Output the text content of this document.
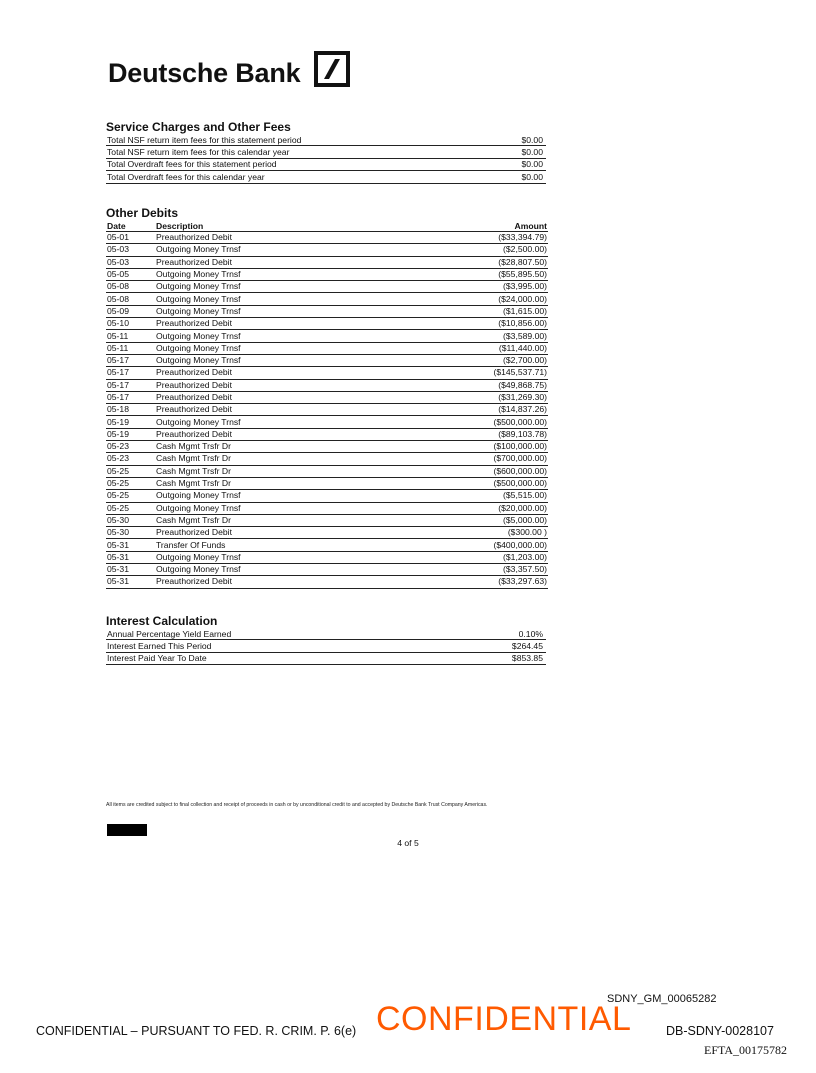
Deutsche Bank
Service Charges and Other Fees
Total NSF return item fees for this statement period	$0.00
Total NSF return item fees for this calendar year	$0.00
Total Overdraft fees for this statement period	$0.00
Total Overdraft fees for this calendar year	$0.00
Other Debits
Date	Description	Amount
05-01	Preauthorized Debit	($33,394.79)
05-03	Outgoing Money Trnsf	($2,500.00)
05-03	Preauthorized Debit	($28,807.50)
05-05	Outgoing Money Trnsf	($55,895.50)
05-08	Outgoing Money Trnsf	($3,995.00)
05-08	Outgoing Money Trnsf	($24,000.00)
05-09	Outgoing Money Trnsf	($1,615.00)
05-10	Preauthorized Debit	($10,856.00)
05-11	Outgoing Money Trnsf	($3,589.00)
05-11	Outgoing Money Trnsf	($11,440.00)
05-17	Outgoing Money Trnsf	($2,700.00)
05-17	Preauthorized Debit	($145,537.71)
05-17	Preauthorized Debit	($49,868.75)
05-17	Preauthorized Debit	($31,269.30)
05-18	Preauthorized Debit	($14,837.26)
05-19	Outgoing Money Trnsf	($500,000.00)
05-19	Preauthorized Debit	($89,103.78)
05-23	Cash Mgmt Trsfr Dr	($100,000.00)
05-23	Cash Mgmt Trsfr Dr	($700,000.00)
05-25	Cash Mgmt Trsfr Dr	($600,000.00)
05-25	Cash Mgmt Trsfr Dr	($500,000.00)
05-25	Outgoing Money Trnsf	($5,515.00)
05-25	Outgoing Money Trnsf	($20,000.00)
05-30	Cash Mgmt Trsfr Dr	($5,000.00)
05-30	Preauthorized Debit	($300.00 )
05-31	Transfer Of Funds	($400,000.00)
05-31	Outgoing Money Trnsf	($1,203.00)
05-31	Outgoing Money Trnsf	($3,357.50)
05-31	Preauthorized Debit	($33,297.63)
Interest Calculation
Annual Percentage Yield Earned	0.10%
Interest Earned This Period	$264.45
Interest Paid Year To Date	$853.85
All items are credited subject to final collection and receipt of proceeds in cash or by unconditional credit to and accepted by Deutsche Bank Trust Company Americas.
4 of 5
SDNY_GM_00065282
CONFIDENTIAL – PURSUANT TO FED. R. CRIM. P. 6(e) CONFIDENTIAL	DB-SDNY-0028107
EFTA_00175782
